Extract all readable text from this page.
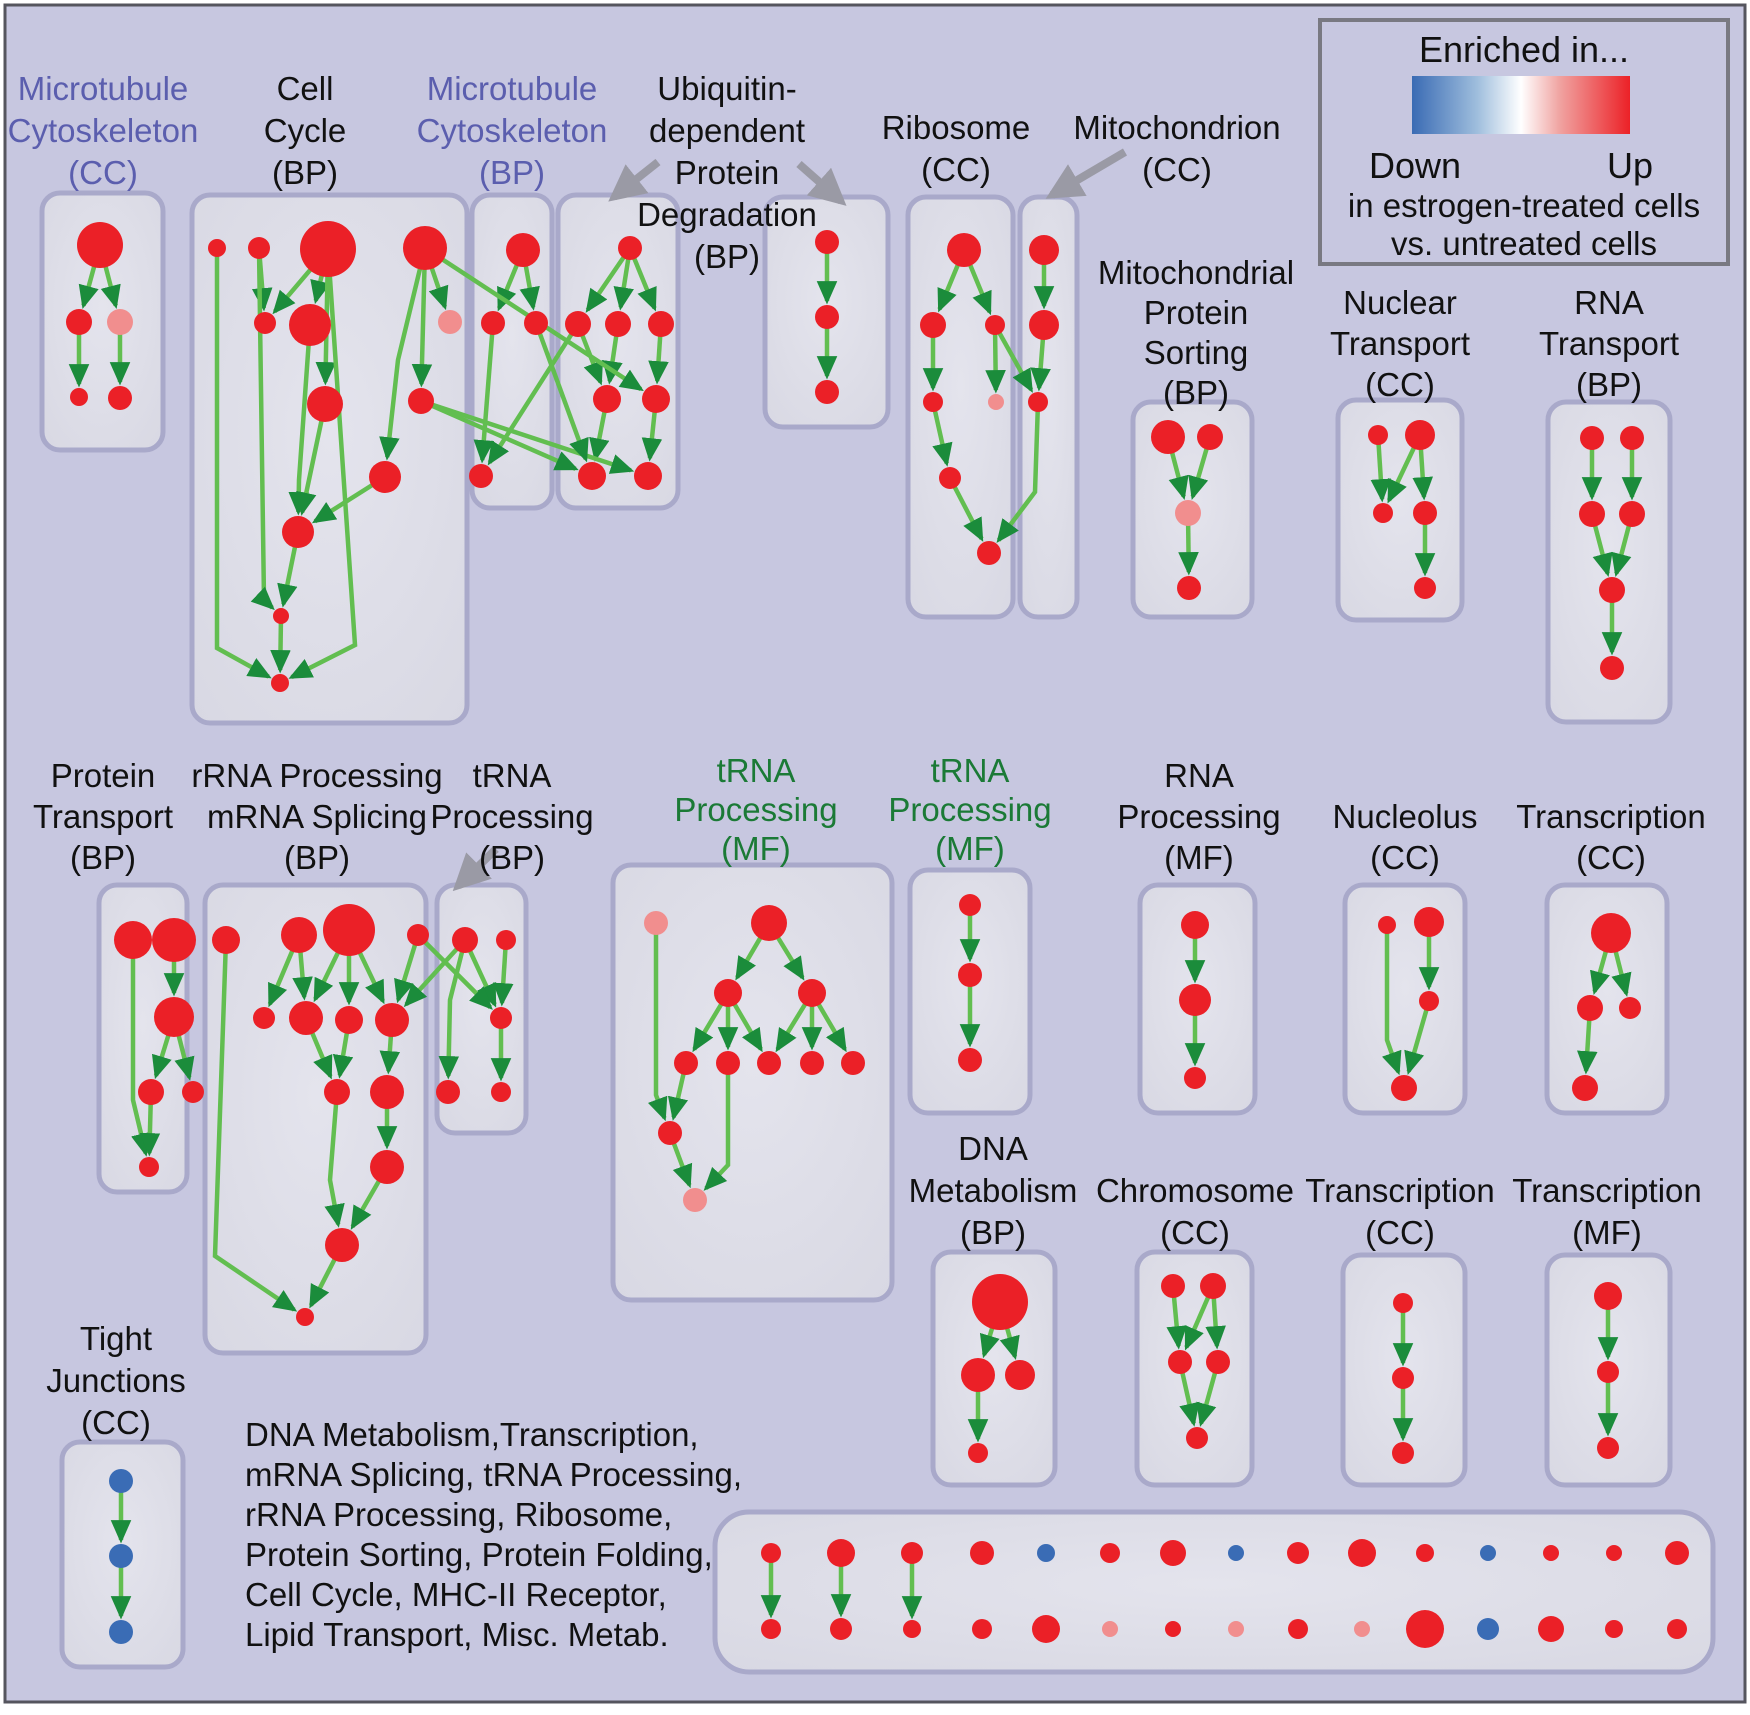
Microtubule Cytoskeleton (CC)
Cell Cycle (BP)
Microtubule Cytoskeleton (BP)
Ubiquitin-dependent Protein Degradation (BP)
Ribosome (CC)
Mitochondrion (CC)
Mitochondrial Protein Sorting (BP)
Nuclear Transport (CC)
RNA Transport (BP)
Protein Transport (BP)
rRNA Processing mRNA Splicing (BP)
tRNA Processing (BP)
tRNA Processing (MF)
tRNA Processing (MF)
RNA Processing (MF)
Nucleolus (CC)
Transcription (CC)
DNA Metabolism (BP)
Chromosome (CC)
Transcription (CC)
Transcription (MF)
Tight Junctions (CC)	DNA Metabolism,Transcription,
mRNA Splicing, tRNA Processing,
rRNA Processing, Ribosome,
Protein Sorting, Protein Folding,
Cell Cycle, MHC-II Receptor,
Lipid Transport, Misc. Metab.
Enriched in...
Down	Up
in estrogen-treated cells
vs. untreated cells
